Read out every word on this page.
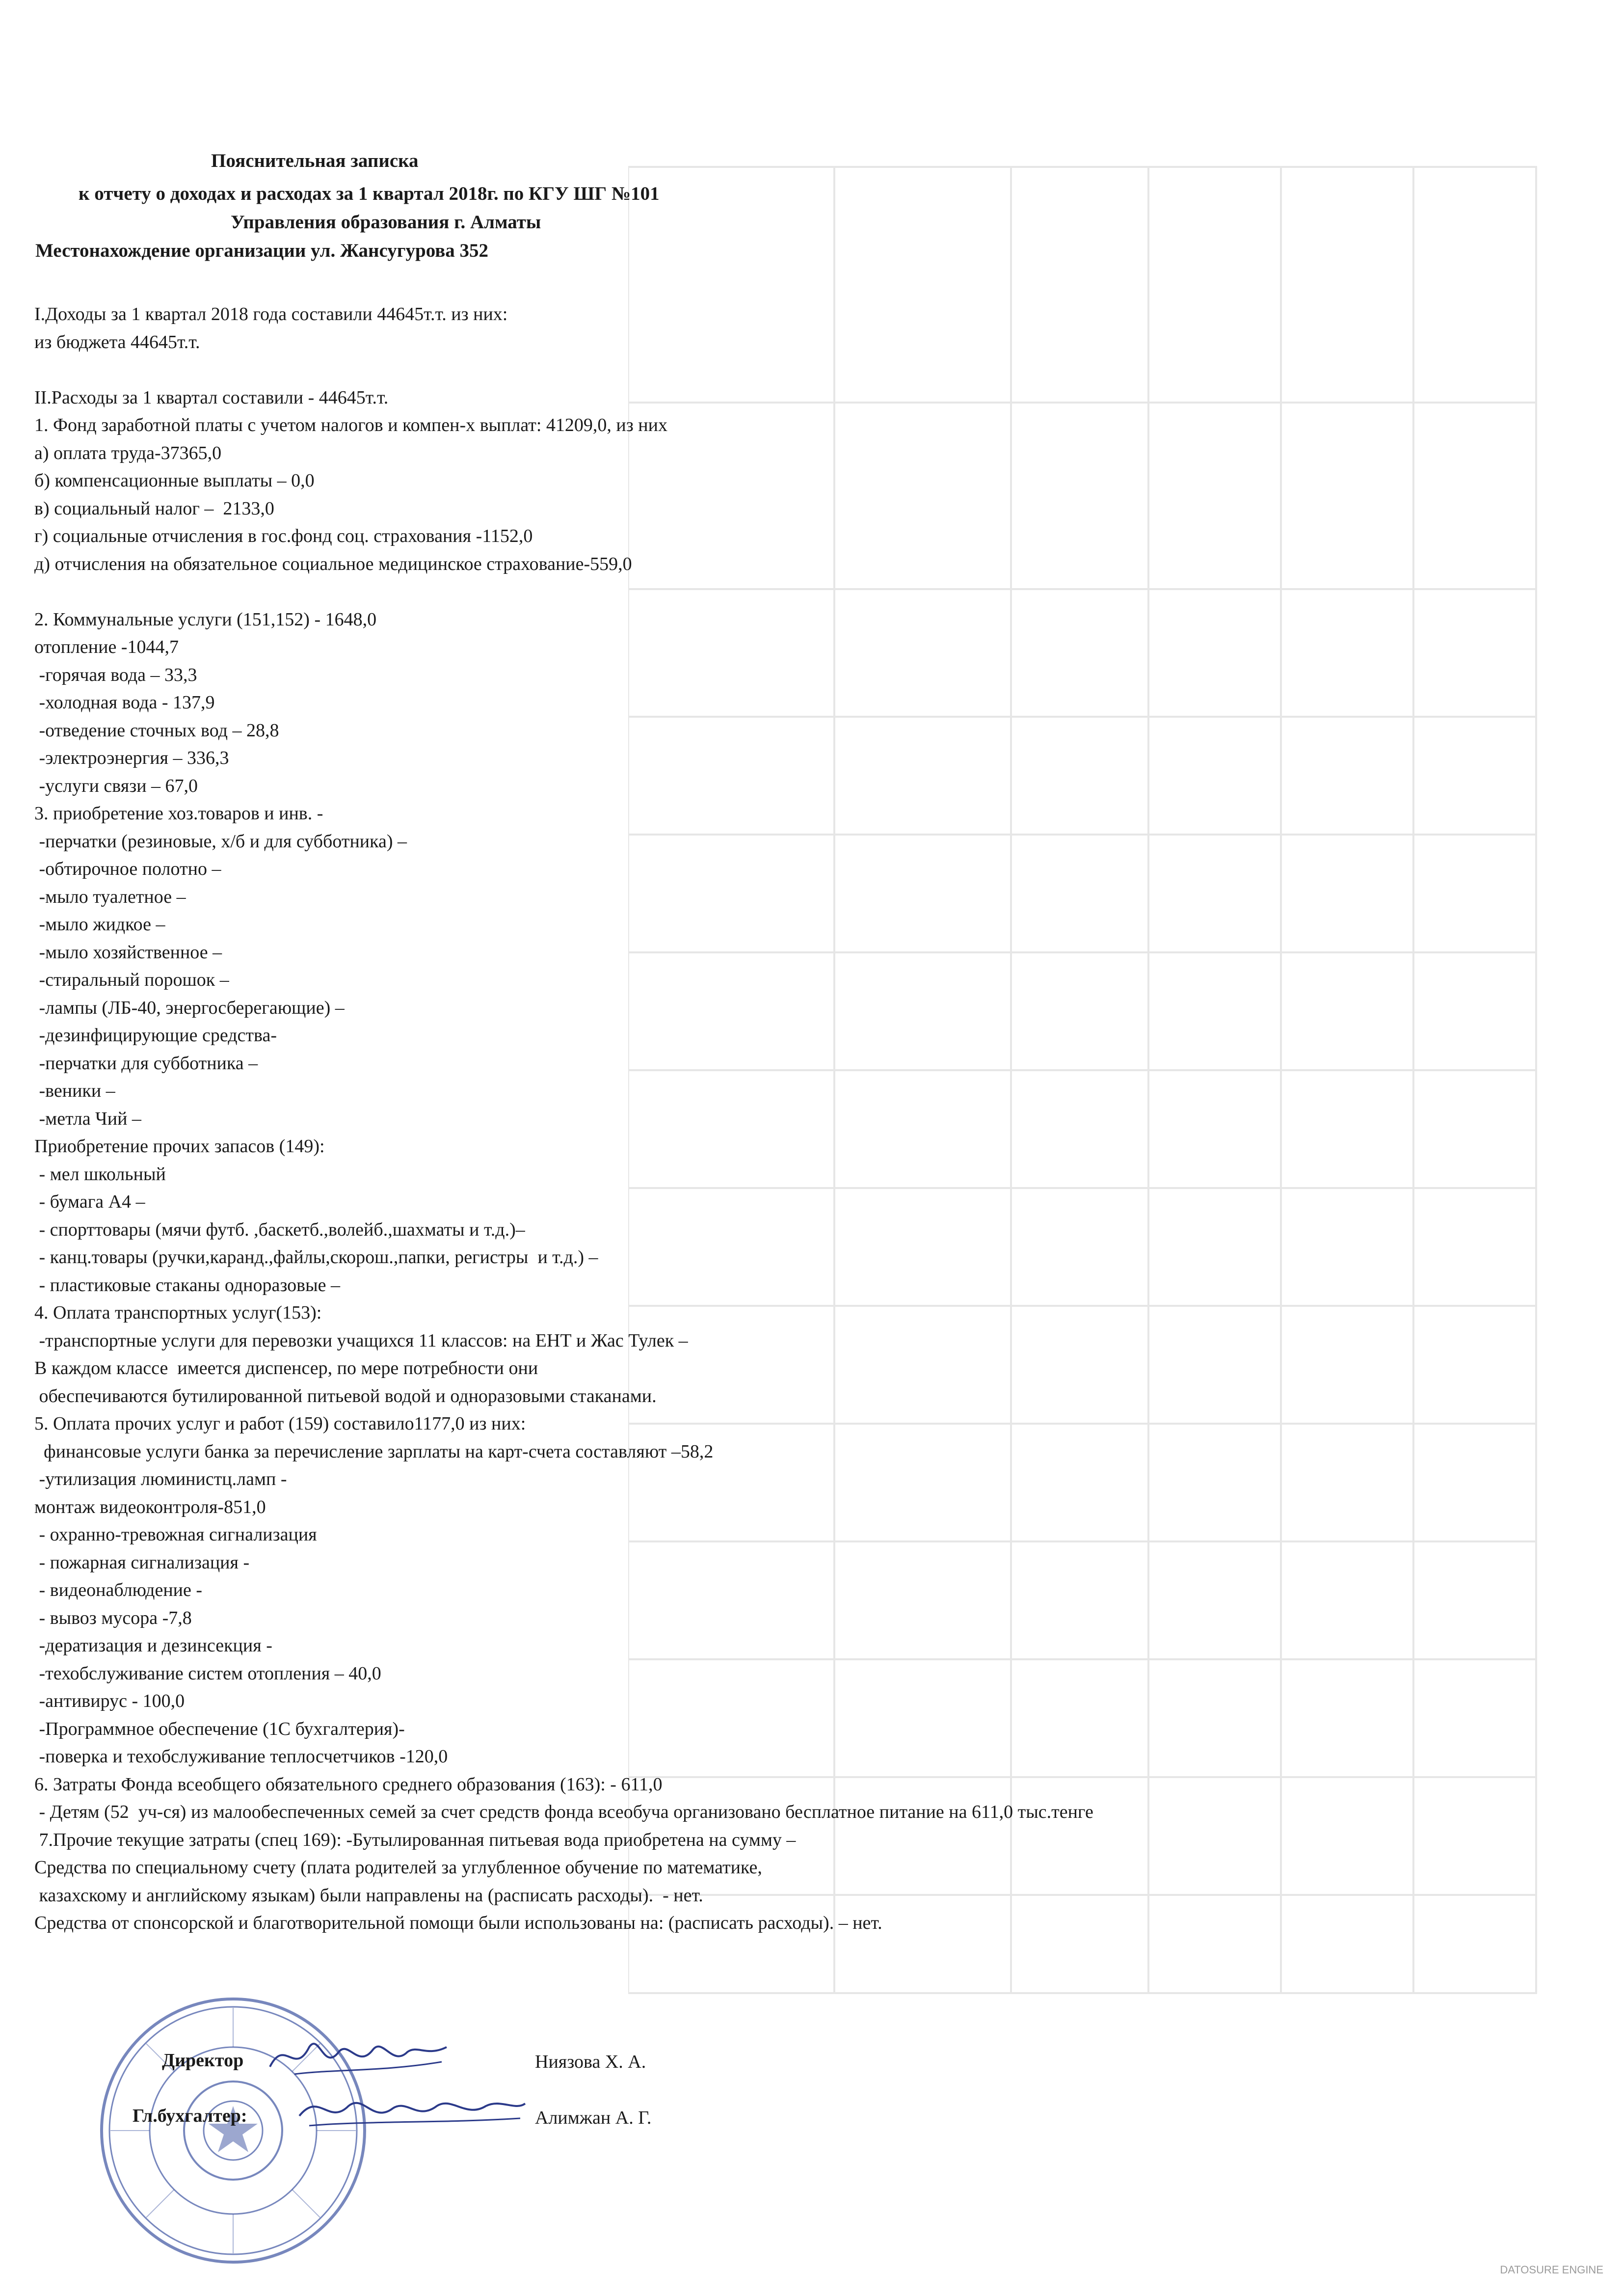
Пояснительная записка
к отчету о доходах и расходах за 1 квартал 2018г. по КГУ ШГ №101
Управления образования г. Алматы
Местонахождение организации ул. Жансугурова 352
I.Доходы за 1 квартал 2018 года составили 44645т.т. из них:
из бюджета 44645т.т.
II.Расходы за 1 квартал составили - 44645т.т.
1. Фонд заработной платы с учетом налогов и компен-х выплат: 41209,0, из них
а) оплата труда-37365,0
б) компенсационные выплаты – 0,0
в) социальный налог –  2133,0
г) социальные отчисления в гос.фонд соц. страхования -1152,0
д) отчисления на обязательное социальное медицинское страхование-559,0
2. Коммунальные услуги (151,152) - 1648,0
отопление -1044,7
-горячая вода – 33,3
-холодная вода - 137,9
-отведение сточных вод – 28,8
-электроэнергия – 336,3
-услуги связи – 67,0
3. приобретение хоз.товаров и инв. -
-перчатки (резиновые, х/б и для субботника) –
-обтирочное полотно –
-мыло туалетное –
-мыло жидкое –
-мыло хозяйственное –
-стиральный порошок –
-лампы (ЛБ-40, энергосберегающие) –
-дезинфицирующие средства-
-перчатки для субботника –
-веники –
-метла Чий –
Приобретение прочих запасов (149):
- мел школьный
- бумага А4 –
- спорттовары (мячи футб. ,баскетб.,волейб.,шахматы и т.д.)–
- канц.товары (ручки,каранд.,файлы,скорош.,папки, регистры  и т.д.) –
- пластиковые стаканы одноразовые –
4. Оплата транспортных услуг(153):
-транспортные услуги для перевозки учащихся 11 классов: на ЕНТ и Жас Тулек –
В каждом классе  имеется диспенсер, по мере потребности они
обеспечиваются бутилированной питьевой водой и одноразовыми стаканами.
5. Оплата прочих услуг и работ (159) составило1177,0 из них:
финансовые услуги банка за перечисление зарплаты на карт-счета составляют –58,2
-утилизация люминистц.ламп -
монтаж видеоконтроля-851,0
- охранно-тревожная сигнализация
- пожарная сигнализация -
- видеонаблюдение -
- вывоз мусора -7,8
-дератизация и дезинсекция -
-техобслуживание систем отопления – 40,0
-антивирус - 100,0
-Программное обеспечение (1С бухгалтерия)-
-поверка и техобслуживание теплосчетчиков -120,0
6. Затраты Фонда всеобщего обязательного среднего образования (163): - 611,0
- Детям (52  уч-ся) из малообеспеченных семей за счет средств фонда всеобуча организовано бесплатное питание на 611,0 тыс.тенге
7.Прочие текущие затраты (спец 169): -Бутылированная питьевая вода приобретена на сумму –
Средства по специальному счету (плата родителей за углубленное обучение по математике,
казахскому и английскому языкам) были направлены на (расписать расходы).  - нет.
Средства от спонсорской и благотворительной помощи были использованы на: (расписать расходы). – нет.
Директор	Ниязова Х. А.
Гл.бухгалтер:	Алимжан А. Г.
DATOSURE ENGINE
